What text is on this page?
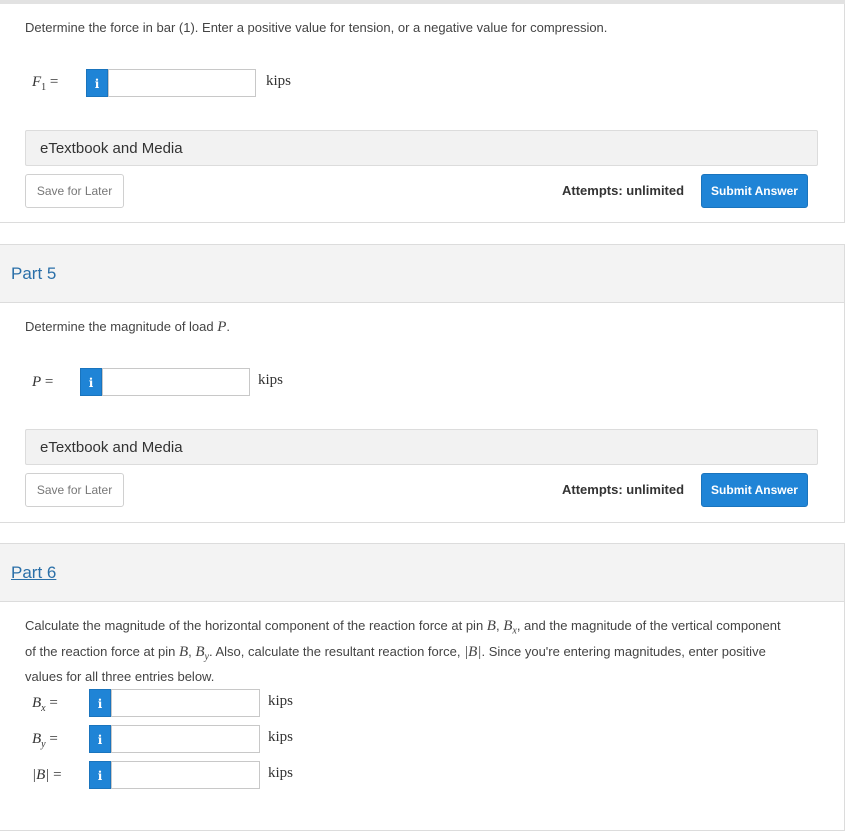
Determine the force in bar (1). Enter a positive value for tension, or a negative value for compression.
$F_1$ =	i	kips
eTextbook and Media
Save for Later	Attempts: unlimited	Submit Answer
Part 5
Determine the magnitude of load P.
P =	i	kips
eTextbook and Media
Save for Later	Attempts: unlimited	Submit Answer
Part 6
Calculate the magnitude of the horizontal component of the reaction force at pin B, $B_x$, and the magnitude of the vertical component of the reaction force at pin B, $B_y$. Also, calculate the resultant reaction force, |B|. Since you're entering magnitudes, enter positive values for all three entries below.
$B_x$ =	i	kips
$B_y$ =	i	kips
|B| =	i	kips
